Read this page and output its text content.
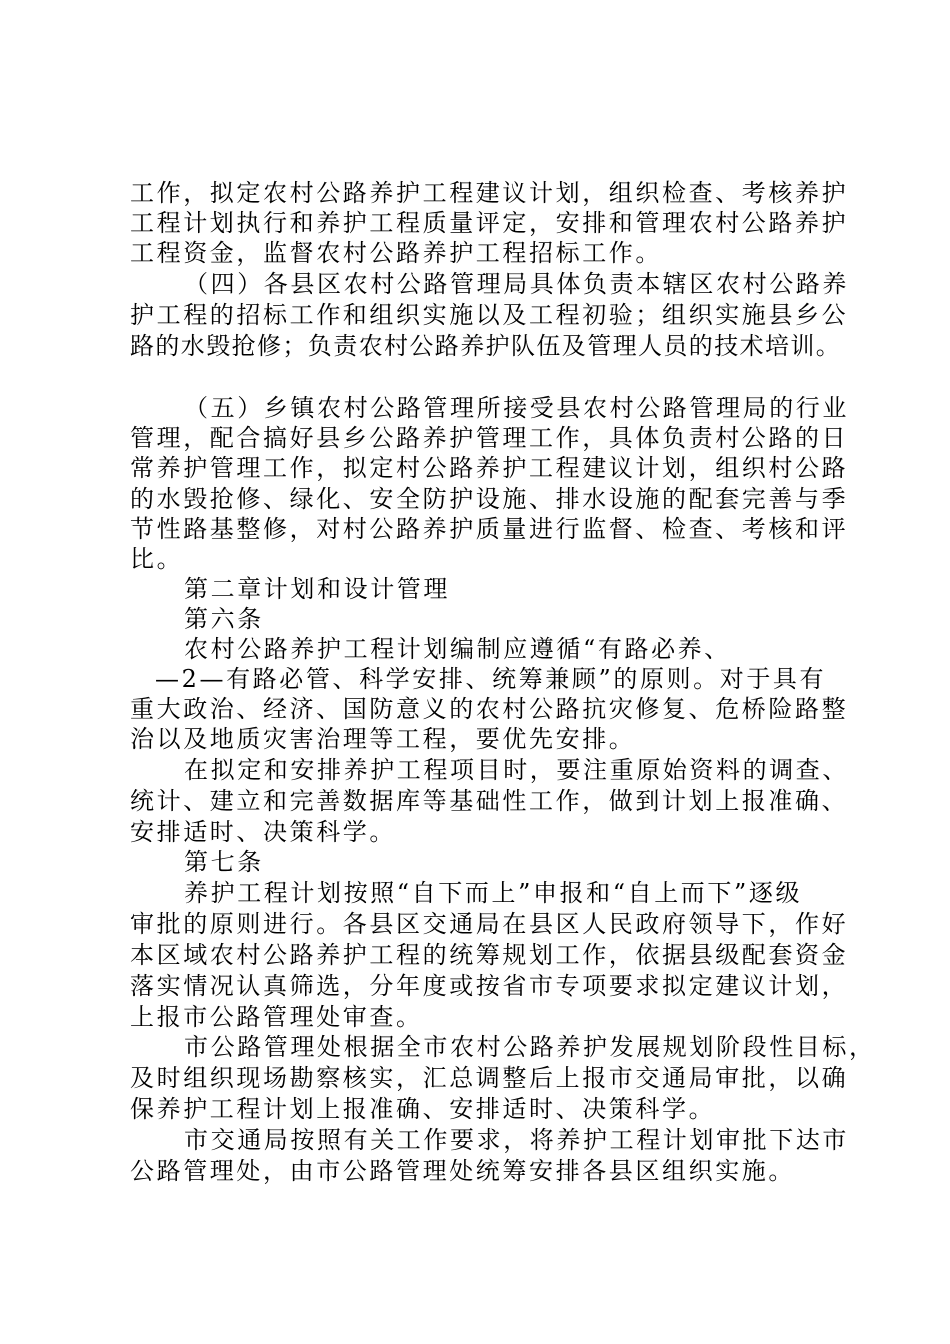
工作，拟定农村公路养护工程建议计划，组织检查、考核养护

工程计划执行和养护工程质量评定，安排和管理农村公路养护

工程资金，监督农村公路养护工程招标工作。

（四）各县区农村公路管理局具体负责本辖区农村公路养

护工程的招标工作和组织实施以及工程初验；组织实施县乡公

路的水毁抢修；负责农村公路养护队伍及管理人员的技术培训。

（五）乡镇农村公路管理所接受县农村公路管理局的行业

管理，配合搞好县乡公路养护管理工作，具体负责村公路的日

常养护管理工作，拟定村公路养护工程建议计划，组织村公路

的水毁抢修、绿化、安全防护设施、排水设施的配套完善与季

节性路基整修，对村公路养护质量进行监督、检查、考核和评

比。

第二章计划和设计管理

第六条

农村公路养护工程计划编制应遵循“有路必养、

—2—有路必管、科学安排、统筹兼顾”的原则。对于具有

重大政治、经济、国防意义的农村公路抗灾修复、危桥险路整

治以及地质灾害治理等工程，要优先安排。

在拟定和安排养护工程项目时，要注重原始资料的调查、

统计、建立和完善数据库等基础性工作，做到计划上报准确、

安排适时、决策科学。

第七条

养护工程计划按照“自下而上”申报和“自上而下”逐级

审批的原则进行。各县区交通局在县区人民政府领导下，作好

本区域农村公路养护工程的统筹规划工作，依据县级配套资金

落实情况认真筛选，分年度或按省市专项要求拟定建议计划，

上报市公路管理处审查。

市公路管理处根据全市农村公路养护发展规划阶段性目标，

及时组织现场勘察核实，汇总调整后上报市交通局审批，以确

保养护工程计划上报准确、安排适时、决策科学。

市交通局按照有关工作要求，将养护工程计划审批下达市

公路管理处，由市公路管理处统筹安排各县区组织实施。
